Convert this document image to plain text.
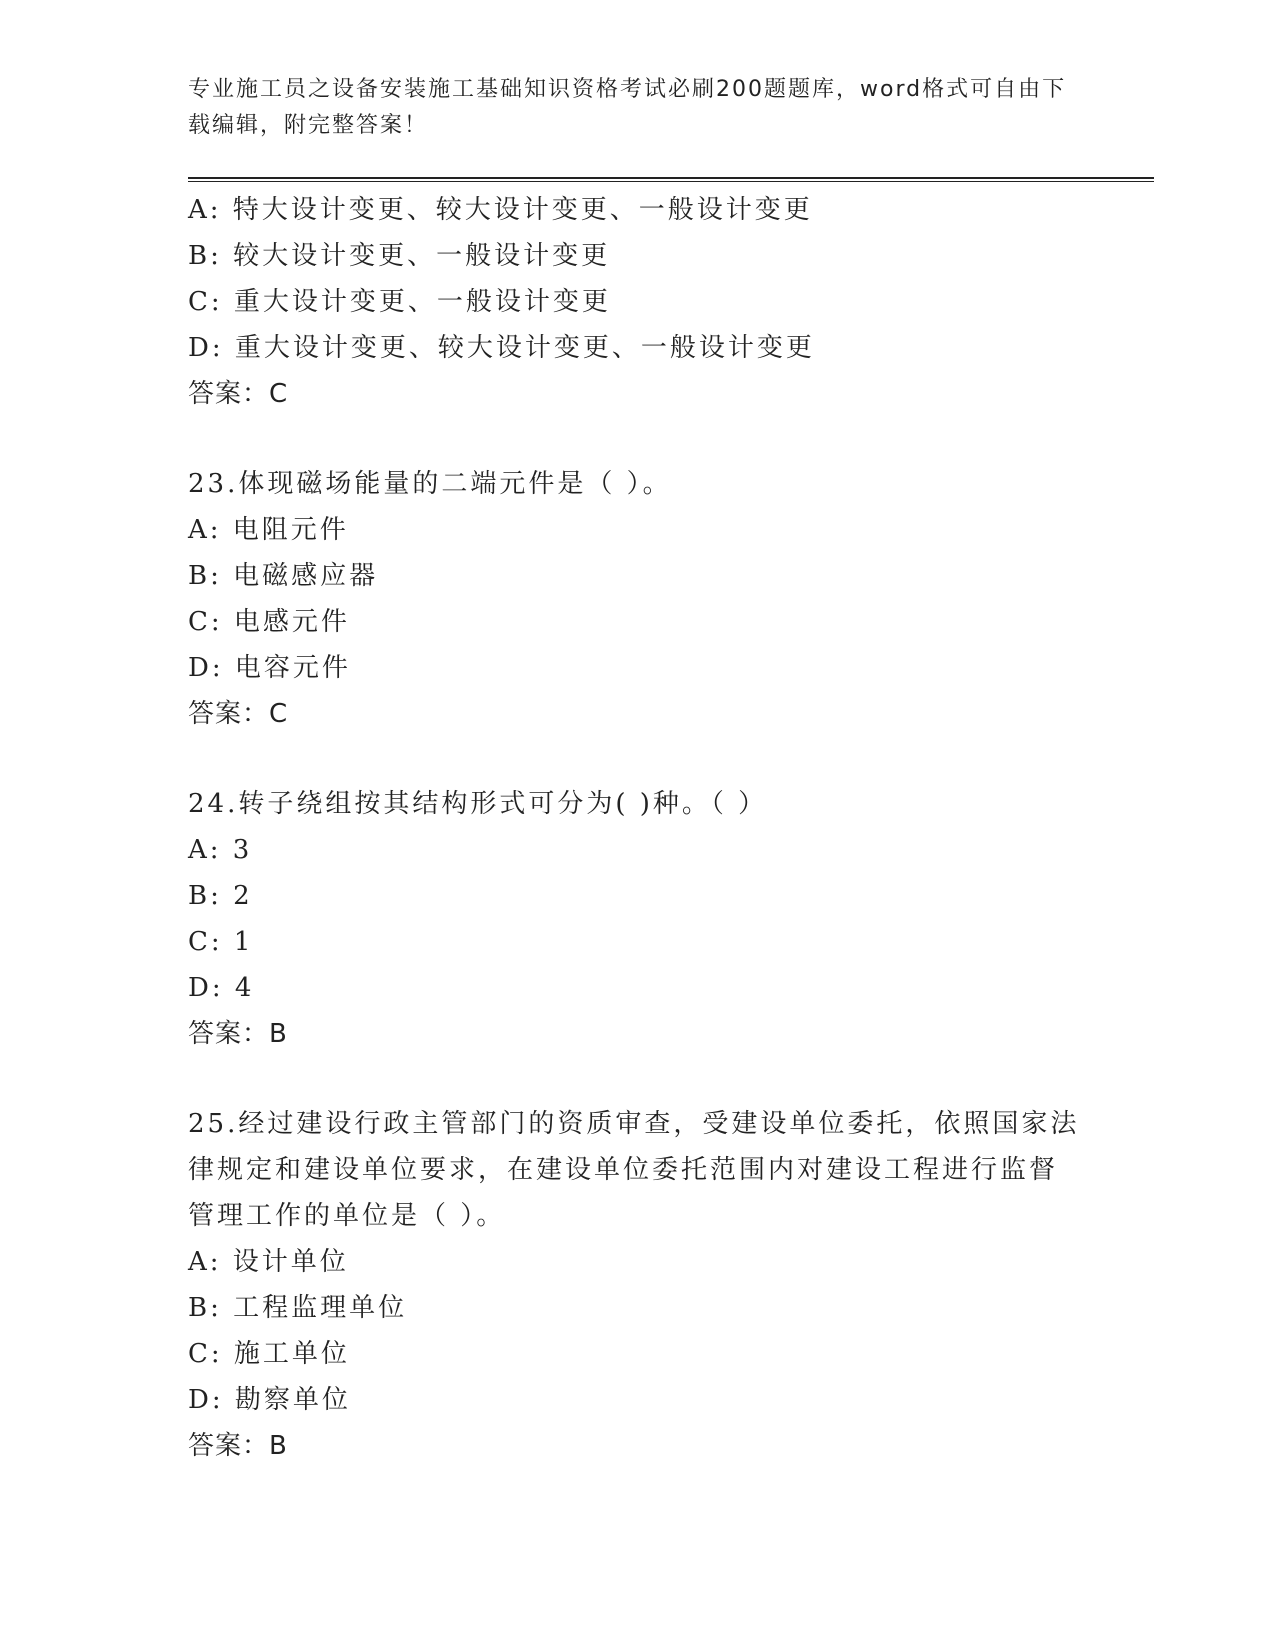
专业施工员之设备安装施工基础知识资格考试必刷200题题库，word格式可自由下载编辑，附完整答案！
A: 特大设计变更、较大设计变更、一般设计变更
B: 较大设计变更、一般设计变更
C: 重大设计变更、一般设计变更
D: 重大设计变更、较大设计变更、一般设计变更
答案：C
23.体现磁场能量的二端元件是（ ）。
A: 电阻元件
B: 电磁感应器
C: 电感元件
D: 电容元件
答案：C
24.转子绕组按其结构形式可分为( )种。（ ）
A: 3
B: 2
C: 1
D: 4
答案：B
25.经过建设行政主管部门的资质审查，受建设单位委托，依照国家法
律规定和建设单位要求，在建设单位委托范围内对建设工程进行监督
管理工作的单位是（ ）。
A: 设计单位
B: 工程监理单位
C: 施工单位
D: 勘察单位
答案：B
